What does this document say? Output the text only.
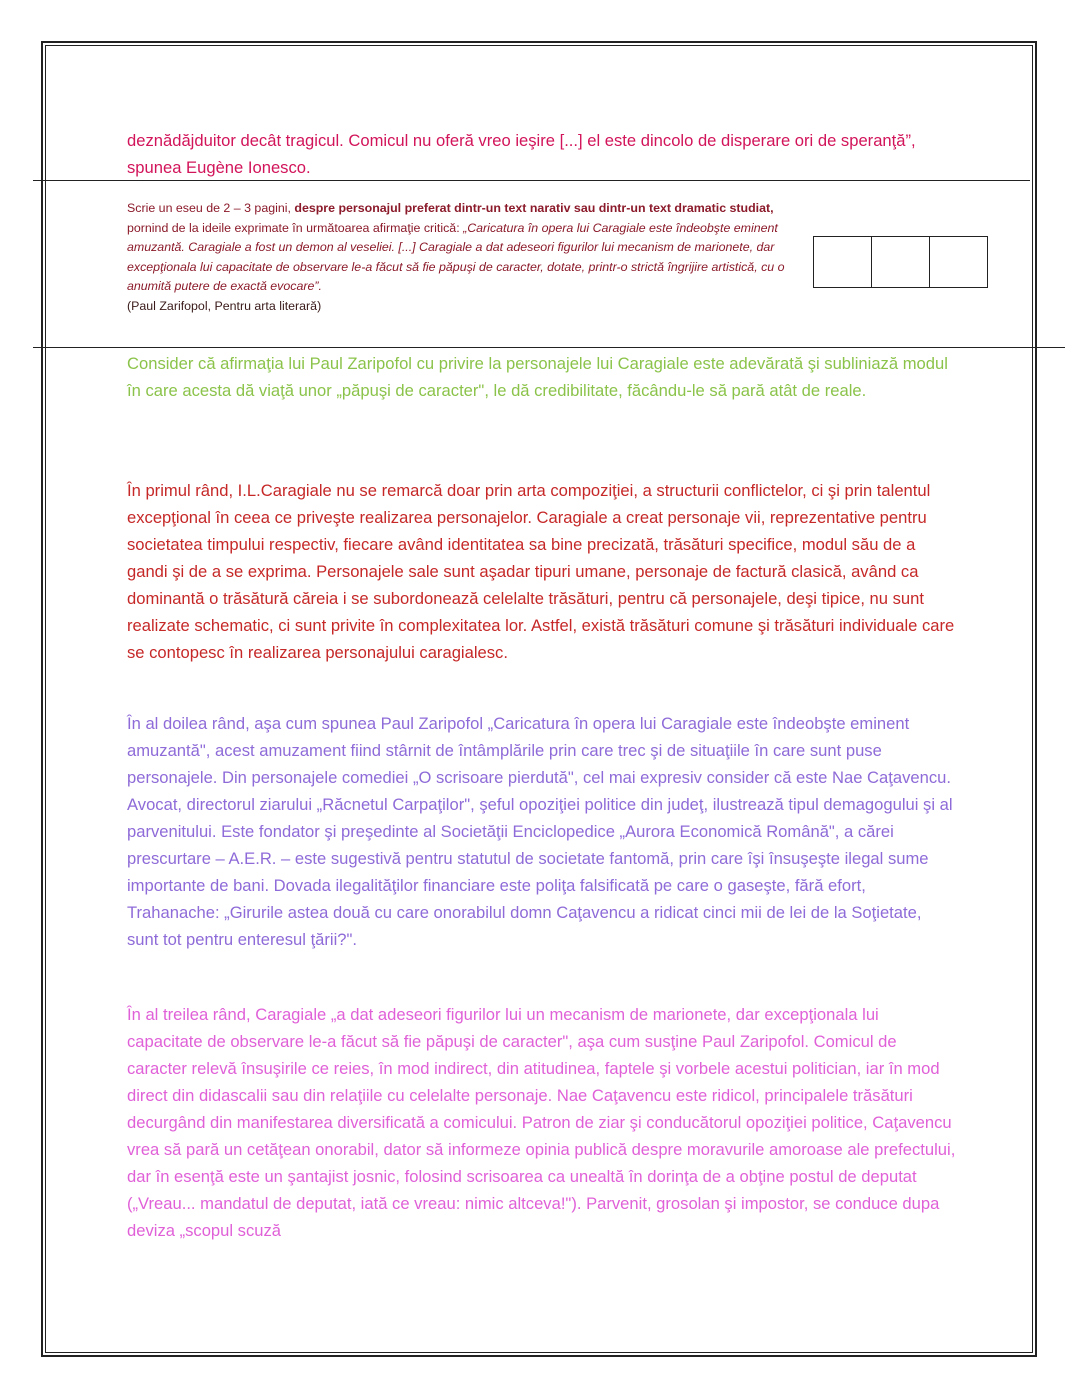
deznădăjduitor decât tragicul. Comicul nu oferă vreo ieşire [...] el este dincolo de disperare ori de speranţă”, spunea Eugène Ionesco.

Scrie un eseu de 2 – 3 pagini, despre personajul preferat dintr-un text narativ sau dintr-un text dramatic studiat, pornind de la ideile exprimate în următoarea afirmaţie critică: „Caricatura în opera lui Caragiale este îndeobşte eminent amuzantă. Caragiale a fost un demon al veseliei. [...] Caragiale a dat adeseori figurilor lui mecanism de marionete, dar excepţionala lui capacitate de observare le-a făcut să fie păpuşi de caracter, dotate, printr-o strictă îngrijire artistică, cu o anumită putere de exactă evocare”.
(Paul Zarifopol, Pentru arta literară)

Consider că afirmaţia lui Paul Zaripofol cu privire la personajele lui Caragiale este adevărată şi subliniază modul în care acesta dă viaţă unor „păpuşi de caracter", le dă credibilitate, făcându-le să pară atât de reale.

În primul rând, I.L.Caragiale nu se remarcă doar prin arta compoziţiei, a structurii conflictelor, ci şi prin talentul excepţional în ceea ce priveşte realizarea personajelor. Caragiale a creat personaje vii, reprezentative pentru societatea timpului respectiv, fiecare având identitatea sa bine precizată, trăsături specifice, modul său de a gandi şi de a se exprima. Personajele sale sunt aşadar tipuri umane, personaje de factură clasică, având ca dominantă o trăsătură căreia i se subordonează celelalte trăsături, pentru că personajele, deşi tipice, nu sunt realizate schematic, ci sunt privite în complexitatea lor. Astfel, există trăsături comune şi trăsături individuale care se contopesc în realizarea personajului caragialesc.

În al doilea rând, aşa cum spunea Paul Zaripofol „Caricatura în opera lui Caragiale este îndeobşte eminent amuzantă", acest amuzament fiind stârnit de întâmplările prin care trec şi de situaţiile în care sunt puse personajele. Din personajele comediei „O scrisoare pierdută", cel mai expresiv consider că este Nae Caţavencu. Avocat, directorul ziarului „Răcnetul Carpaţilor", şeful opoziţiei politice din judeţ, ilustrează tipul demagogului şi al parvenitului. Este fondator şi preşedinte al Societăţii Enciclopedice „Aurora Economică Română", a cărei prescurtare – A.E.R. – este sugestivă pentru statutul de societate fantomă, prin care îşi însuşeşte ilegal sume importante de bani. Dovada ilegalităţilor financiare este poliţa falsificată pe care o gaseşte, fără efort, Trahanache: „Girurile astea două cu care onorabilul domn Caţavencu a ridicat cinci mii de lei de la Soţietate, sunt tot pentru enteresul ţării?".

În al treilea rând, Caragiale „a dat adeseori figurilor lui un mecanism de marionete, dar excepţionala lui capacitate de observare le-a făcut să fie păpuşi de caracter", aşa cum susţine Paul Zaripofol. Comicul de caracter relevă însuşirile ce reies, în mod indirect, din atitudinea, faptele şi vorbele acestui politician, iar în mod direct din didascalii sau din relaţiile cu celelalte personaje. Nae Caţavencu este ridicol, principalele trăsături decurgând din manifestarea diversificată a comicului. Patron de ziar şi conducătorul opoziţiei politice, Caţavencu vrea să pară un cetăţean onorabil, dator să informeze opinia publică despre moravurile amoroase ale prefectului, dar în esenţă este un şantajist josnic, folosind scrisoarea ca unealtă în dorinţa de a obţine postul de deputat („Vreau... mandatul de deputat, iată ce vreau: nimic altceva!"). Parvenit, grosolan şi impostor, se conduce dupa deviza „scopul scuză
